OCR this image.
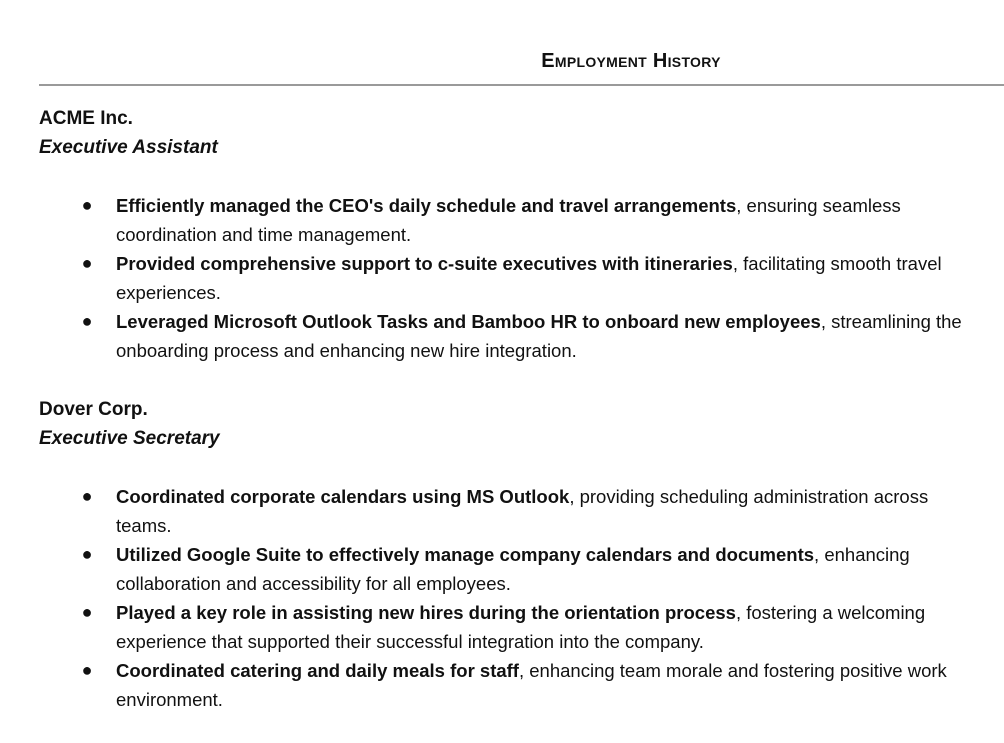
Employment History
ACME Inc.
Executive Assistant
● Efficiently managed the CEO's daily schedule and travel arrangements, ensuring seamless coordination and time management.
● Provided comprehensive support to c-suite executives with itineraries, facilitating smooth travel experiences.
● Leveraged Microsoft Outlook Tasks and Bamboo HR to onboard new employees, streamlining the onboarding process and enhancing new hire integration.
Dover Corp.
Executive Secretary
● Coordinated corporate calendars using MS Outlook, providing scheduling administration across teams.
● Utilized Google Suite to effectively manage company calendars and documents, enhancing collaboration and accessibility for all employees.
● Played a key role in assisting new hires during the orientation process, fostering a welcoming experience that supported their successful integration into the company.
● Coordinated catering and daily meals for staff, enhancing team morale and fostering positive work environment.
